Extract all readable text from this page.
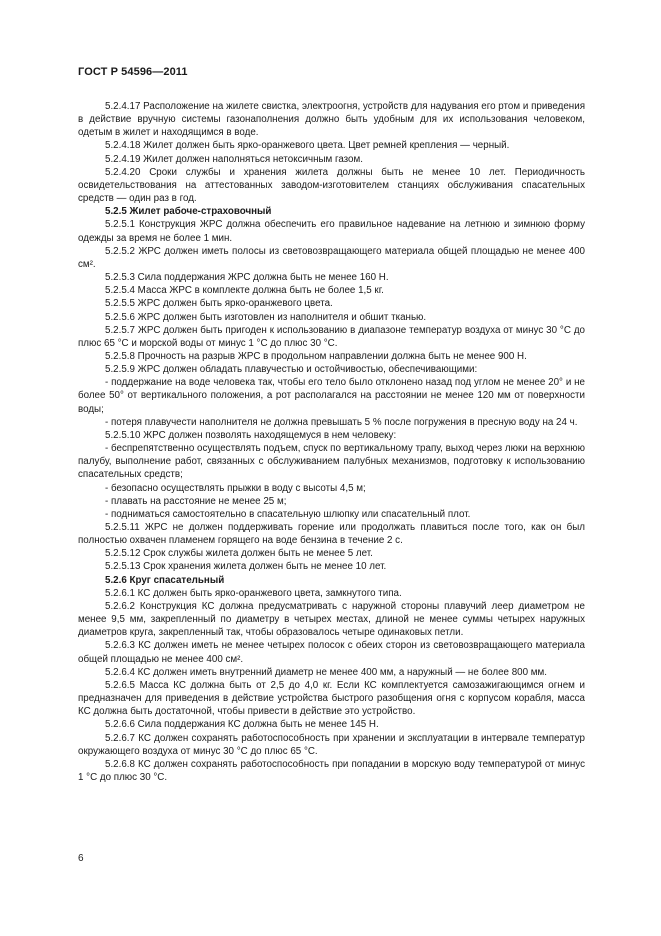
ГОСТ Р 54596—2011

5.2.4.17 Расположение на жилете свистка, электроогня, устройств для надувания его ртом и приведения в действие вручную системы газонаполнения должно быть удобным для их использования человеком, одетым в жилет и находящимся в воде.

5.2.4.18 Жилет должен быть ярко-оранжевого цвета. Цвет ремней крепления — черный.

5.2.4.19 Жилет должен наполняться нетоксичным газом.

5.2.4.20 Сроки службы и хранения жилета должны быть не менее 10 лет. Периодичность освидетельствования на аттестованных заводом-изготовителем станциях обслуживания спасательных средств — один раз в год.

5.2.5 Жилет рабоче-страховочный

5.2.5.1 Конструкция ЖРС должна обеспечить его правильное надевание на летнюю и зимнюю форму одежды за время не более 1 мин.

5.2.5.2 ЖРС должен иметь полосы из световозвращающего материала общей площадью не менее 400 см².

5.2.5.3 Сила поддержания ЖРС должна быть не менее 160 Н.

5.2.5.4 Масса ЖРС в комплекте должна быть не более 1,5 кг.

5.2.5.5 ЖРС должен быть ярко-оранжевого цвета.

5.2.5.6 ЖРС должен быть изготовлен из наполнителя и обшит тканью.

5.2.5.7 ЖРС должен быть пригоден к использованию в диапазоне температур воздуха от минус 30 °С до плюс 65 °С и морской воды от минус 1 °С до плюс 30 °С.

5.2.5.8 Прочность на разрыв ЖРС в продольном направлении должна быть не менее 900 Н.

5.2.5.9 ЖРС должен обладать плавучестью и остойчивостью, обеспечивающими:

- поддержание на воде человека так, чтобы его тело было отклонено назад под углом не менее 20° и не более 50° от вертикального положения, а рот располагался на расстоянии не менее 120 мм от поверхности воды;

- потеря плавучести наполнителя не должна превышать 5 % после погружения в пресную воду на 24 ч.

5.2.5.10 ЖРС должен позволять находящемуся в нем человеку:

- беспрепятственно осуществлять подъем, спуск по вертикальному трапу, выход через люки на верхнюю палубу, выполнение работ, связанных с обслуживанием палубных механизмов, подготовку к использованию спасательных средств;

- безопасно осуществлять прыжки в воду с высоты 4,5 м;

- плавать на расстояние не менее 25 м;

- подниматься самостоятельно в спасательную шлюпку или спасательный плот.

5.2.5.11 ЖРС не должен поддерживать горение или продолжать плавиться после того, как он был полностью охвачен пламенем горящего на воде бензина в течение 2 с.

5.2.5.12 Срок службы жилета должен быть не менее 5 лет.

5.2.5.13 Срок хранения жилета должен быть не менее 10 лет.

5.2.6 Круг спасательный

5.2.6.1 КС должен быть ярко-оранжевого цвета, замкнутого типа.

5.2.6.2 Конструкция КС должна предусматривать с наружной стороны плавучий леер диаметром не менее 9,5 мм, закрепленный по диаметру в четырех местах, длиной не менее суммы четырех наружных диаметров круга, закрепленный так, чтобы образовалось четыре одинаковых петли.

5.2.6.3 КС должен иметь не менее четырех полосок с обеих сторон из световозвращающего материала общей площадью не менее 400 см².

5.2.6.4 КС должен иметь внутренний диаметр не менее 400 мм, а наружный — не более 800 мм.

5.2.6.5 Масса КС должна быть от 2,5 до 4,0 кг. Если КС комплектуется самозажигающимся огнем и предназначен для приведения в действие устройства быстрого разобщения огня с корпусом корабля, масса КС должна быть достаточной, чтобы привести в действие это устройство.

5.2.6.6 Сила поддержания КС должна быть не менее 145 Н.

5.2.6.7 КС должен сохранять работоспособность при хранении и эксплуатации в интервале температур окружающего воздуха от минус 30 °С до плюс 65 °С.

5.2.6.8 КС должен сохранять работоспособность при попадании в морскую воду температурой от минус 1 °С до плюс 30 °С.

6
